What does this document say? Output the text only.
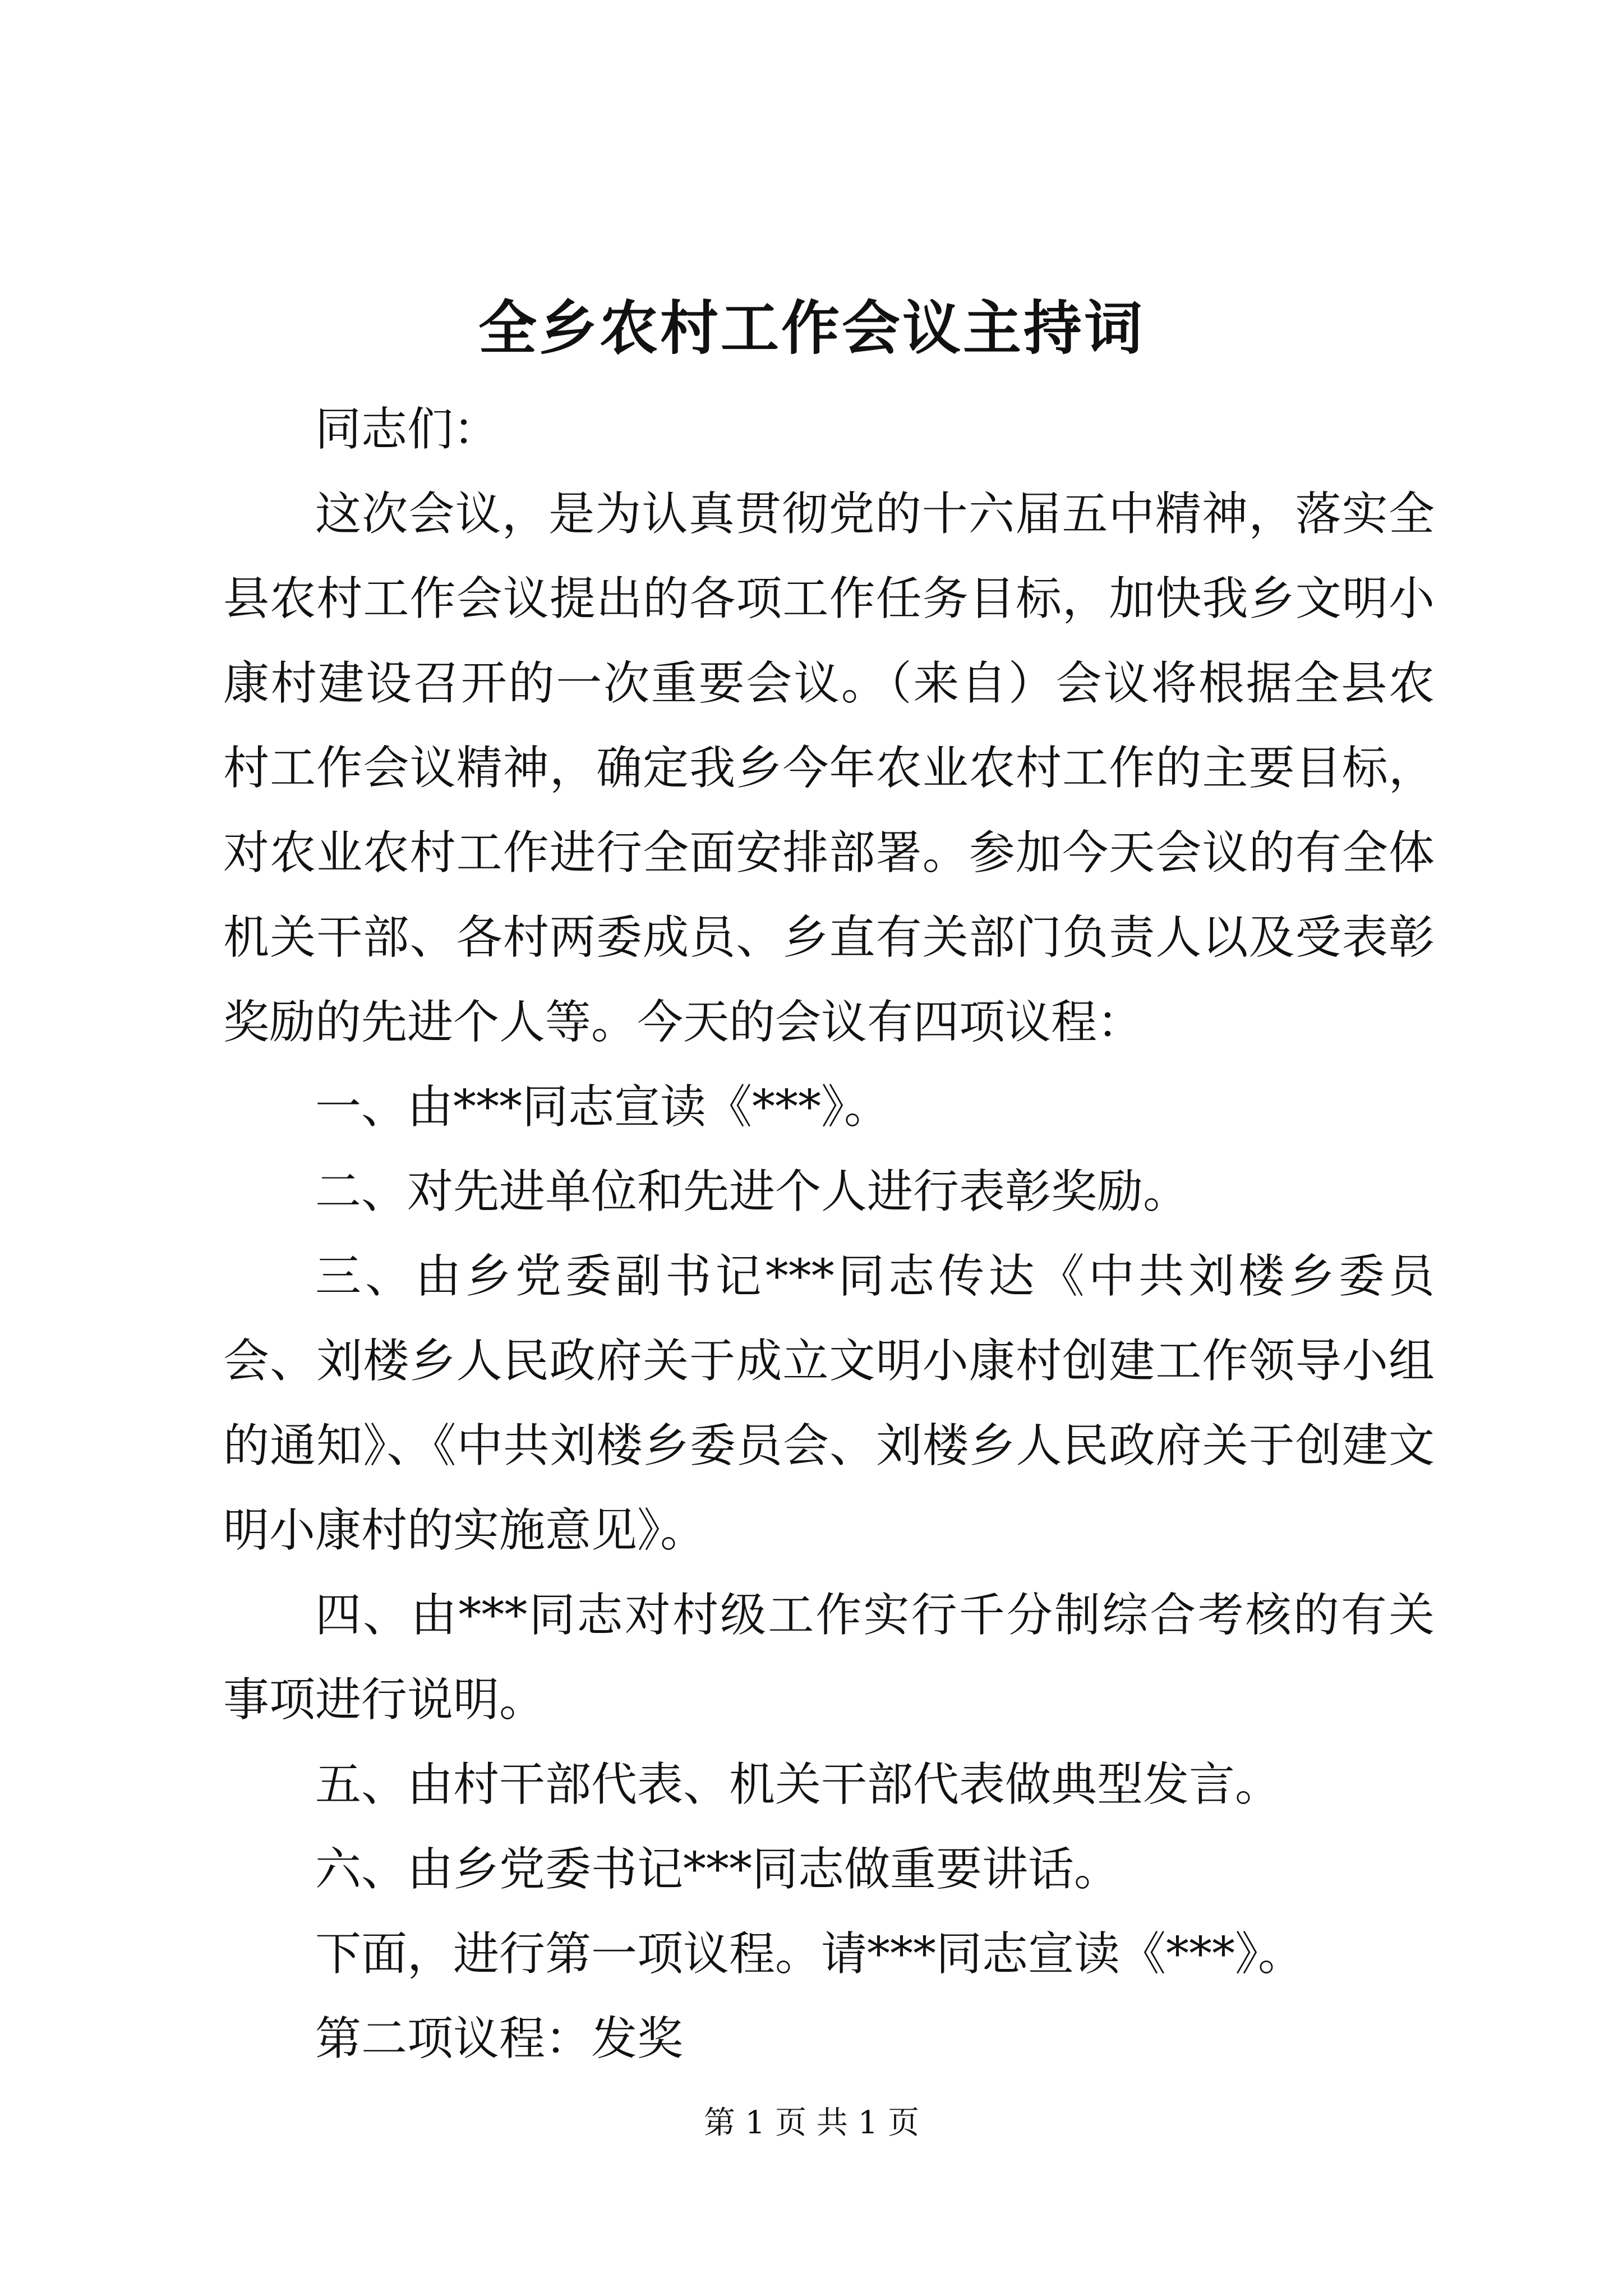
全乡农村工作会议主持词

同志们：

这次会议，是为认真贯彻党的十六届五中精神，落实全县农村工作会议提出的各项工作任务目标，加快我乡文明小康村建设召开的一次重要会议。（来自）会议将根据全县农村工作会议精神，确定我乡今年农业农村工作的主要目标，对农业农村工作进行全面安排部署。参加今天会议的有全体机关干部、各村两委成员、乡直有关部门负责人以及受表彰奖励的先进个人等。今天的会议有四项议程：

一、由***同志宣读《***》。

二、对先进单位和先进个人进行表彰奖励。

三、由乡党委副书记***同志传达《中共刘楼乡委员会、刘楼乡人民政府关于成立文明小康村创建工作领导小组的通知》、《中共刘楼乡委员会、刘楼乡人民政府关于创建文明小康村的实施意见》。

四、由***同志对村级工作实行千分制综合考核的有关事项进行说明。

五、由村干部代表、机关干部代表做典型发言。

六、由乡党委书记***同志做重要讲话。

下面，进行第一项议程。请***同志宣读《***》。

第二项议程：发奖

第 1 页 共 1 页
